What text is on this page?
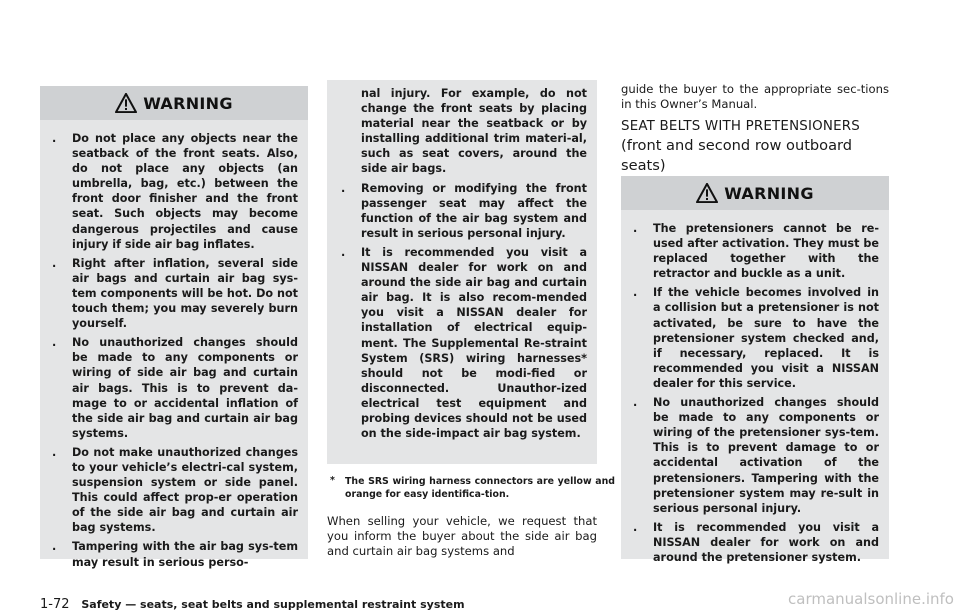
WARNING
. Do not place any objects near the seatback of the front seats. Also, do not place any objects (an umbrella, bag, etc.) between the front door finisher and the front seat. Such objects may become dangerous projectiles and cause injury if side air bag inflates.
. Right after inflation, several side air bags and curtain air bag sys-tem components will be hot. Do not touch them; you may severely burn yourself.
. No unauthorized changes should be made to any components or wiring of side air bag and curtain air bags. This is to prevent da-mage to or accidental inflation of the side air bag and curtain air bag systems.
. Do not make unauthorized changes to your vehicle’s electri-cal system, suspension system or side panel. This could affect prop-er operation of the side air bag and curtain air bag systems.
. Tampering with the air bag sys-tem may result in serious perso-
nal injury. For example, do not change the front seats by placing material near the seatback or by installing additional trim materi-al, such as seat covers, around the side air bags.
. Removing or modifying the front passenger seat may affect the function of the air bag system and result in serious personal injury.
. It is recommended you visit a NISSAN dealer for work on and around the side air bag and curtain air bag. It is also recom-mended you visit a NISSAN dealer for installation of electrical equip-ment. The Supplemental Re-straint System (SRS) wiring harnesses* should not be modi-fied or disconnected. Unauthor-ized electrical test equipment and probing devices should not be used on the side-impact air bag system.
* The SRS wiring harness connectors are yellow and orange for easy identifica-tion.
When selling your vehicle, we request that you inform the buyer about the side air bag and curtain air bag systems and
guide the buyer to the appropriate sec-tions in this Owner’s Manual.
SEAT BELTS WITH PRETENSIONERS
(front and second row outboard seats)
WARNING
. The pretensioners cannot be re-used after activation. They must be replaced together with the retractor and buckle as a unit.
. If the vehicle becomes involved in a collision but a pretensioner is not activated, be sure to have the pretensioner system checked and, if necessary, replaced. It is recommended you visit a NISSAN dealer for this service.
. No unauthorized changes should be made to any components or wiring of the pretensioner sys-tem. This is to prevent damage to or accidental activation of the pretensioners. Tampering with the pretensioner system may re-sult in serious personal injury.
. It is recommended you visit a NISSAN dealer for work on and around the pretensioner system.
1-72 Safety — seats, seat belts and supplemental restraint system	carmanualsonline.info
